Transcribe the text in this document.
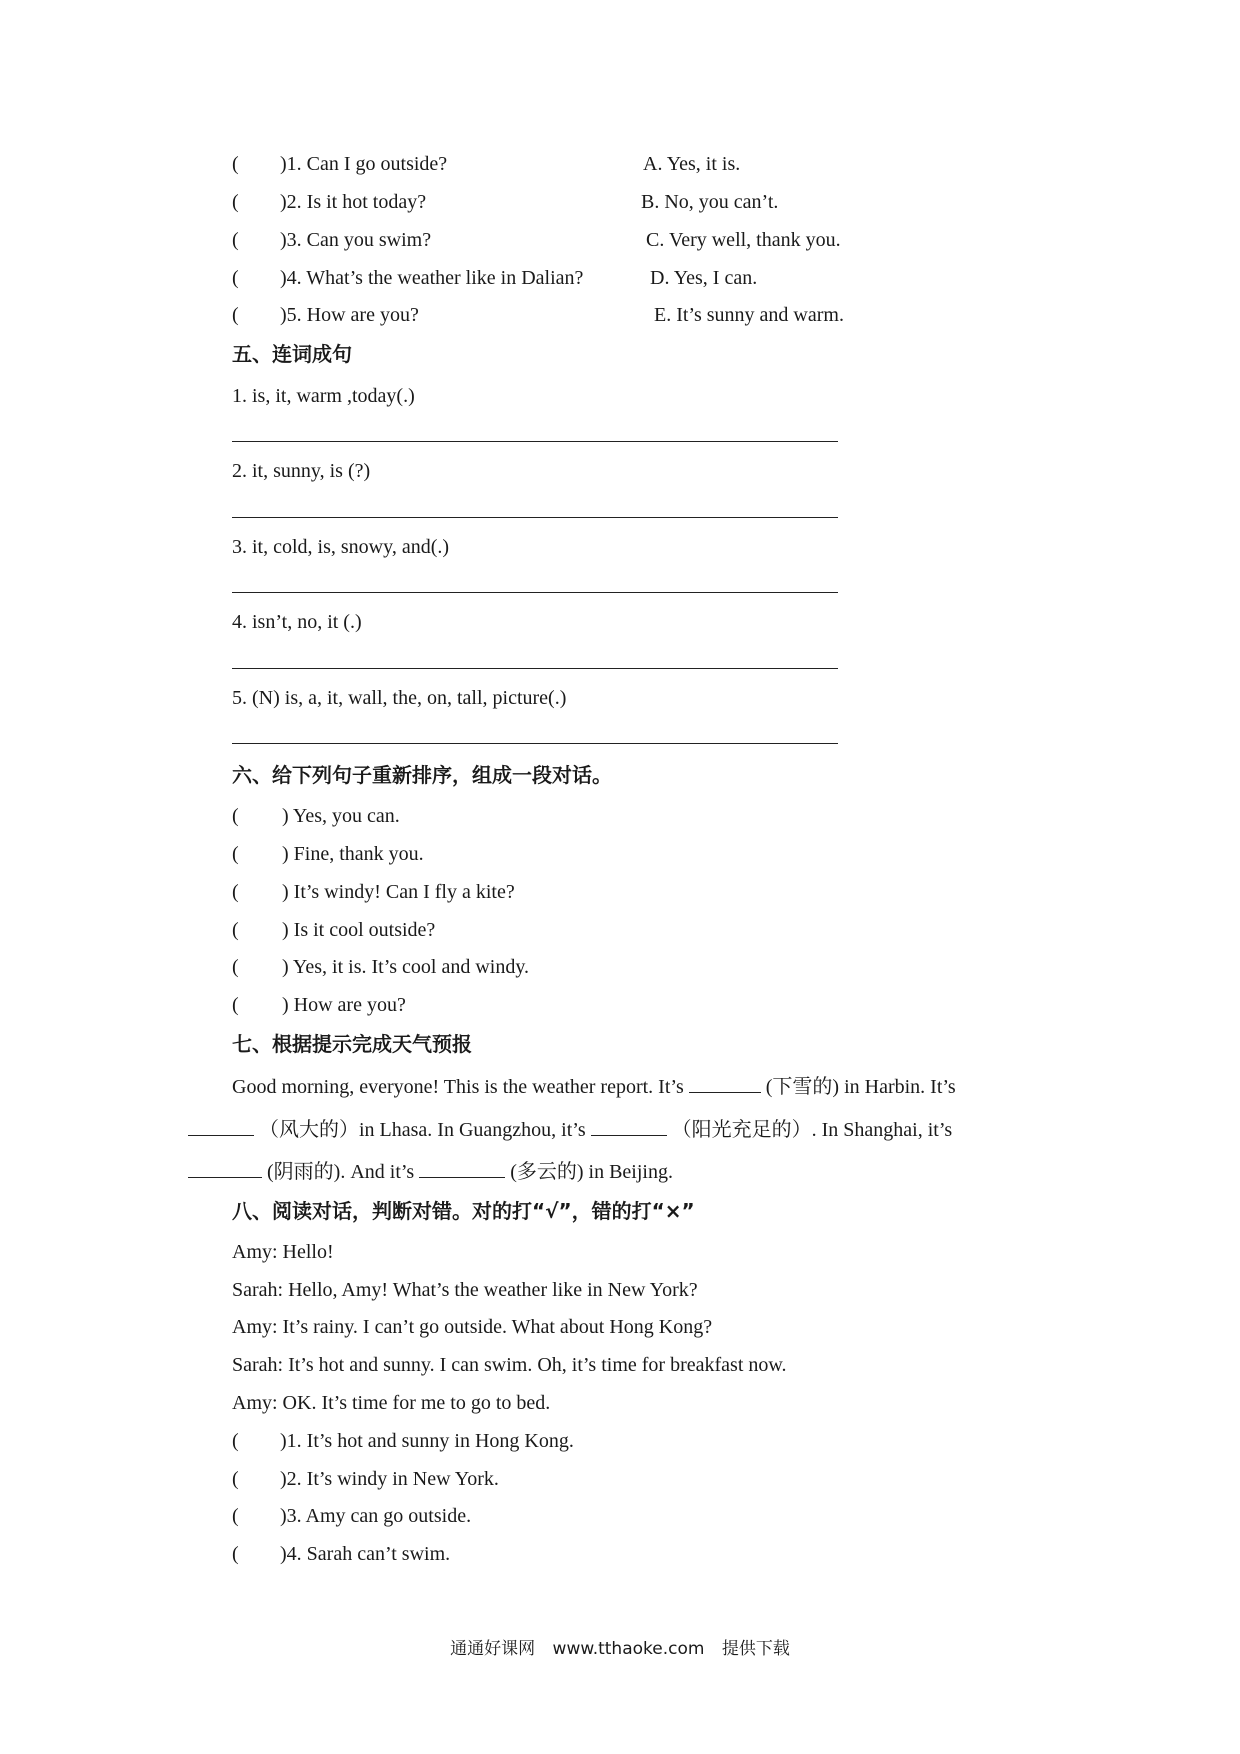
( )1. Can I go outside?	A. Yes, it is.
( )2. Is it hot today?	B. No, you can’t.
( )3. Can you swim?	C. Very well, thank you.
( )4. What’s the weather like in Dalian?	D. Yes, I can.
( )5. How are you?	E. It’s sunny and warm.
五、连词成句
1. is, it, warm ,today(.)
2. it, sunny, is (?)
3. it, cold, is, snowy, and(.)
4. isn’t, no, it (.)
5. (N) is, a, it, wall, the, on, tall, picture(.)
六、给下列句子重新排序，组成一段对话。
( ) Yes, you can.
( ) Fine, thank you.
( ) It’s windy! Can I fly a kite?
( ) Is it cool outside?
( ) Yes, it is. It’s cool and windy.
( ) How are you?
七、根据提示完成天气预报
Good morning, everyone! This is the weather report. It’s	(下雪的) in Harbin. It’s
（风大的）in Lhasa. In Guangzhou, it’s	（阳光充足的）. In Shanghai, it’s
(阴雨的). And it’s	(多云的) in Beijing.
八、阅读对话，判断对错。对的打“√”，错的打“×”
Amy: Hello!
Sarah: Hello, Amy! What’s the weather like in New York?
Amy: It’s rainy. I can’t go outside. What about Hong Kong?
Sarah: It’s hot and sunny. I can swim. Oh, it’s time for breakfast now.
Amy: OK. It’s time for me to go to bed.
( )1. It’s hot and sunny in Hong Kong.
( )2. It’s windy in New York.
( )3. Amy can go outside.
( )4. Sarah can’t swim.
通通好课网 www.tthaoke.com 提供下载
